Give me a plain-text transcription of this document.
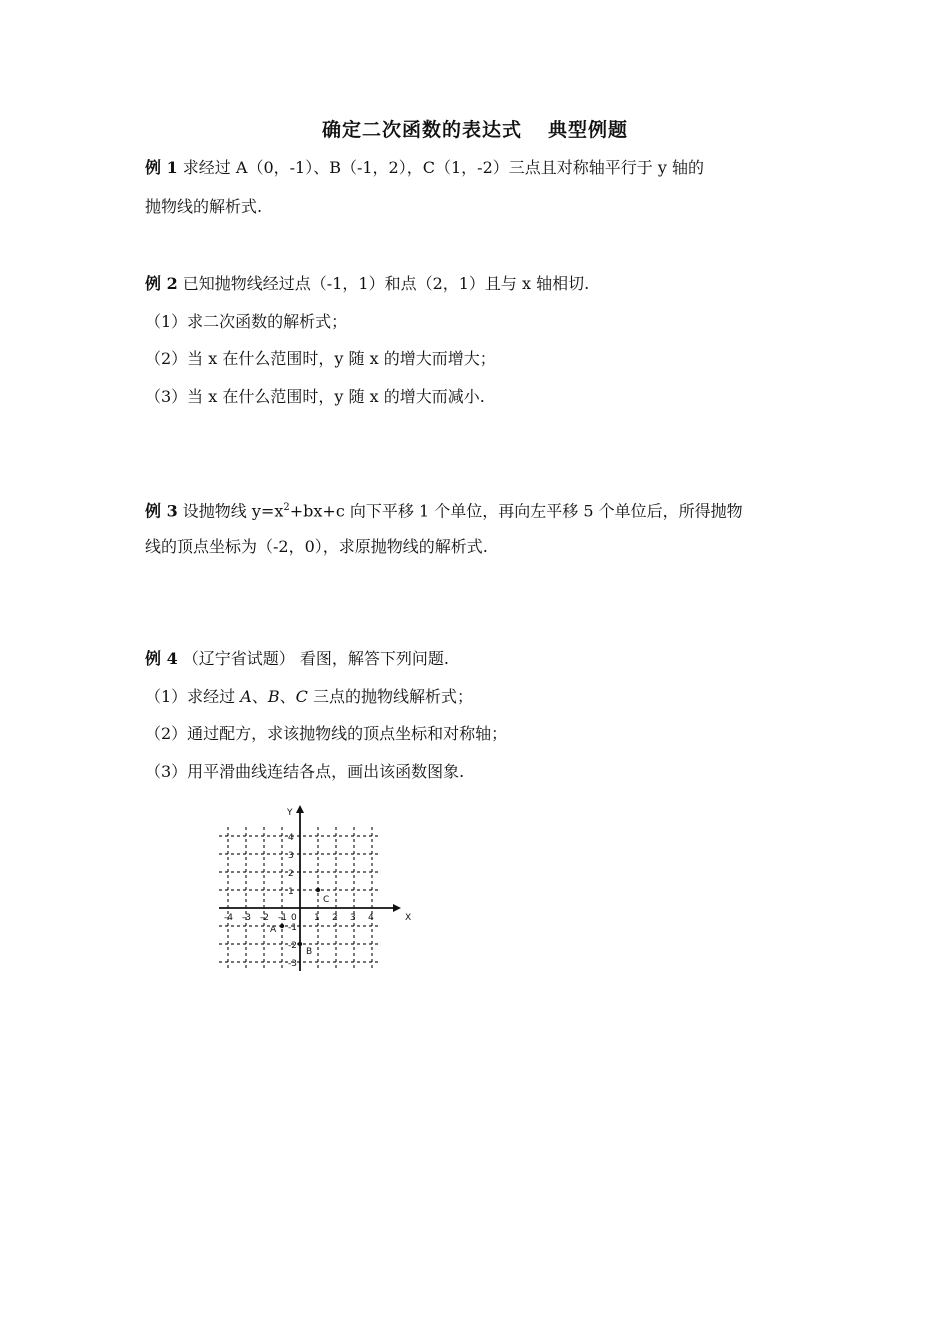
确定二次函数的表达式 典型例题
例 1 求经过 A（0，-1）、B（-1，2），C（1，-2）三点且对称轴平行于 y 轴的
抛物线的解析式.
例 2 已知抛物线经过点（-1，1）和点（2，1）且与 x 轴相切.
（1）求二次函数的解析式；
（2）当 x 在什么范围时，y 随 x 的增大而增大；
（3）当 x 在什么范围时，y 随 x 的增大而减小.
例 3 设抛物线 $y=x^2+bx+c$ 向下平移 1 个单位，再向左平移 5 个单位后，所得抛物
线的顶点坐标为（-2，0），求原抛物线的解析式.
例 4 （辽宁省试题） 看图，解答下列问题.
（1）求经过 A、B、C 三点的抛物线解析式；
（2）通过配方，求该抛物线的顶点坐标和对称轴；
（3）用平滑曲线连结各点，画出该函数图象.
X
Y
-4 -3 -2 -1 0 1 2 3 4
4
3
2
1
-1
-2
-3
A
B
C
